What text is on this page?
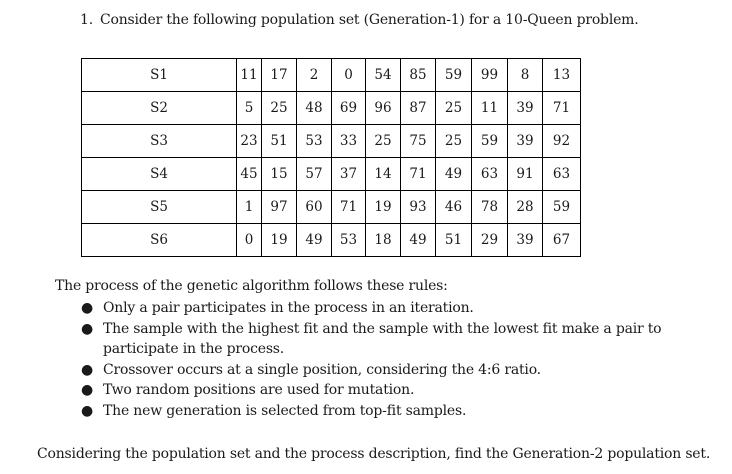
1. Consider the following population set (Generation-1) for a 10-Queen problem.
S1	11	17	2	0	54	85	59	99	8	13
S2	5	25	48	69	96	87	25	11	39	71
S3	23	51	53	33	25	75	25	59	39	92
S4	45	15	57	37	14	71	49	63	91	63
S5	1	97	60	71	19	93	46	78	28	59
S6	0	19	49	53	18	49	51	29	39	67
The process of the genetic algorithm follows these rules:
● Only a pair participates in the process in an iteration.
● The sample with the highest fit and the sample with the lowest fit make a pair to participate in the process.
● Crossover occurs at a single position, considering the 4:6 ratio.
● Two random positions are used for mutation.
● The new generation is selected from top-fit samples.
Considering the population set and the process description, find the Generation-2 population set.
